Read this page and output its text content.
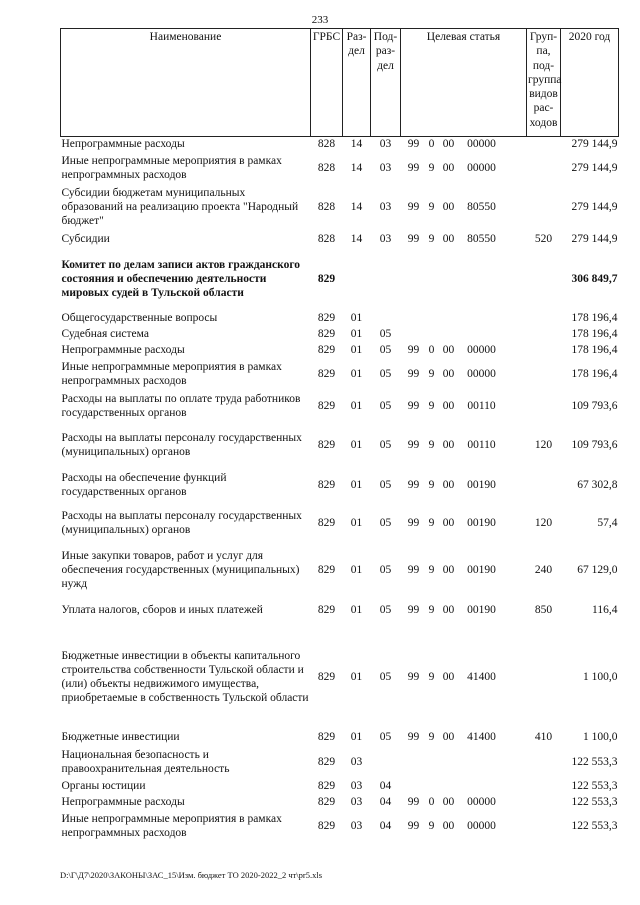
233
Наименование	ГРБС	Раз-дел	Под-раз-дел	Целевая статья	Груп-па, под-группа видов рас-ходов	2020 год
Непрограммные расходы	828	14	03	99 0 00 00000		279 144,9
Иные непрограммные мероприятия в рамках непрограммных расходов	828	14	03	99 9 00 00000		279 144,9
Субсидии бюджетам муниципальных образований на реализацию проекта "Народный бюджет"	828	14	03	99 9 00 80550		279 144,9
Субсидии	828	14	03	99 9 00 80550	520	279 144,9
Комитет по делам записи актов гражданского состояния и обеспечению деятельности мировых судей в Тульской области	829					306 849,7
Общегосударственные вопросы	829	01				178 196,4
Судебная система	829	01	05			178 196,4
Непрограммные расходы	829	01	05	99 0 00 00000		178 196,4
Иные непрограммные мероприятия в рамках непрограммных расходов	829	01	05	99 9 00 00000		178 196,4
Расходы на выплаты по оплате труда работников государственных органов	829	01	05	99 9 00 00110		109 793,6
Расходы на выплаты персоналу государственных (муниципальных) органов	829	01	05	99 9 00 00110	120	109 793,6
Расходы на обеспечение функций государственных органов	829	01	05	99 9 00 00190		67 302,8
Расходы на выплаты персоналу государственных (муниципальных) органов	829	01	05	99 9 00 00190	120	57,4
Иные закупки товаров, работ и услуг для обеспечения государственных (муниципальных) нужд	829	01	05	99 9 00 00190	240	67 129,0
Уплата налогов, сборов и иных платежей	829	01	05	99 9 00 00190	850	116,4
Бюджетные инвестиции в объекты капитального строительства собственности Тульской области и (или) объекты недвижимого имущества, приобретаемые в собственность Тульской области	829	01	05	99 9 00 41400		1 100,0
Бюджетные инвестиции	829	01	05	99 9 00 41400	410	1 100,0
Национальная безопасность и правоохранительная деятельность	829	03				122 553,3
Органы юстиции	829	03	04			122 553,3
Непрограммные расходы	829	03	04	99 0 00 00000		122 553,3
Иные непрограммные мероприятия в рамках непрограммных расходов	829	03	04	99 9 00 00000		122 553,3
D:\Г\Д7\2020\ЗАКОНЫ\ЗАС_15\Изм. бюджет ТО 2020-2022_2 чт\pr5.xls
